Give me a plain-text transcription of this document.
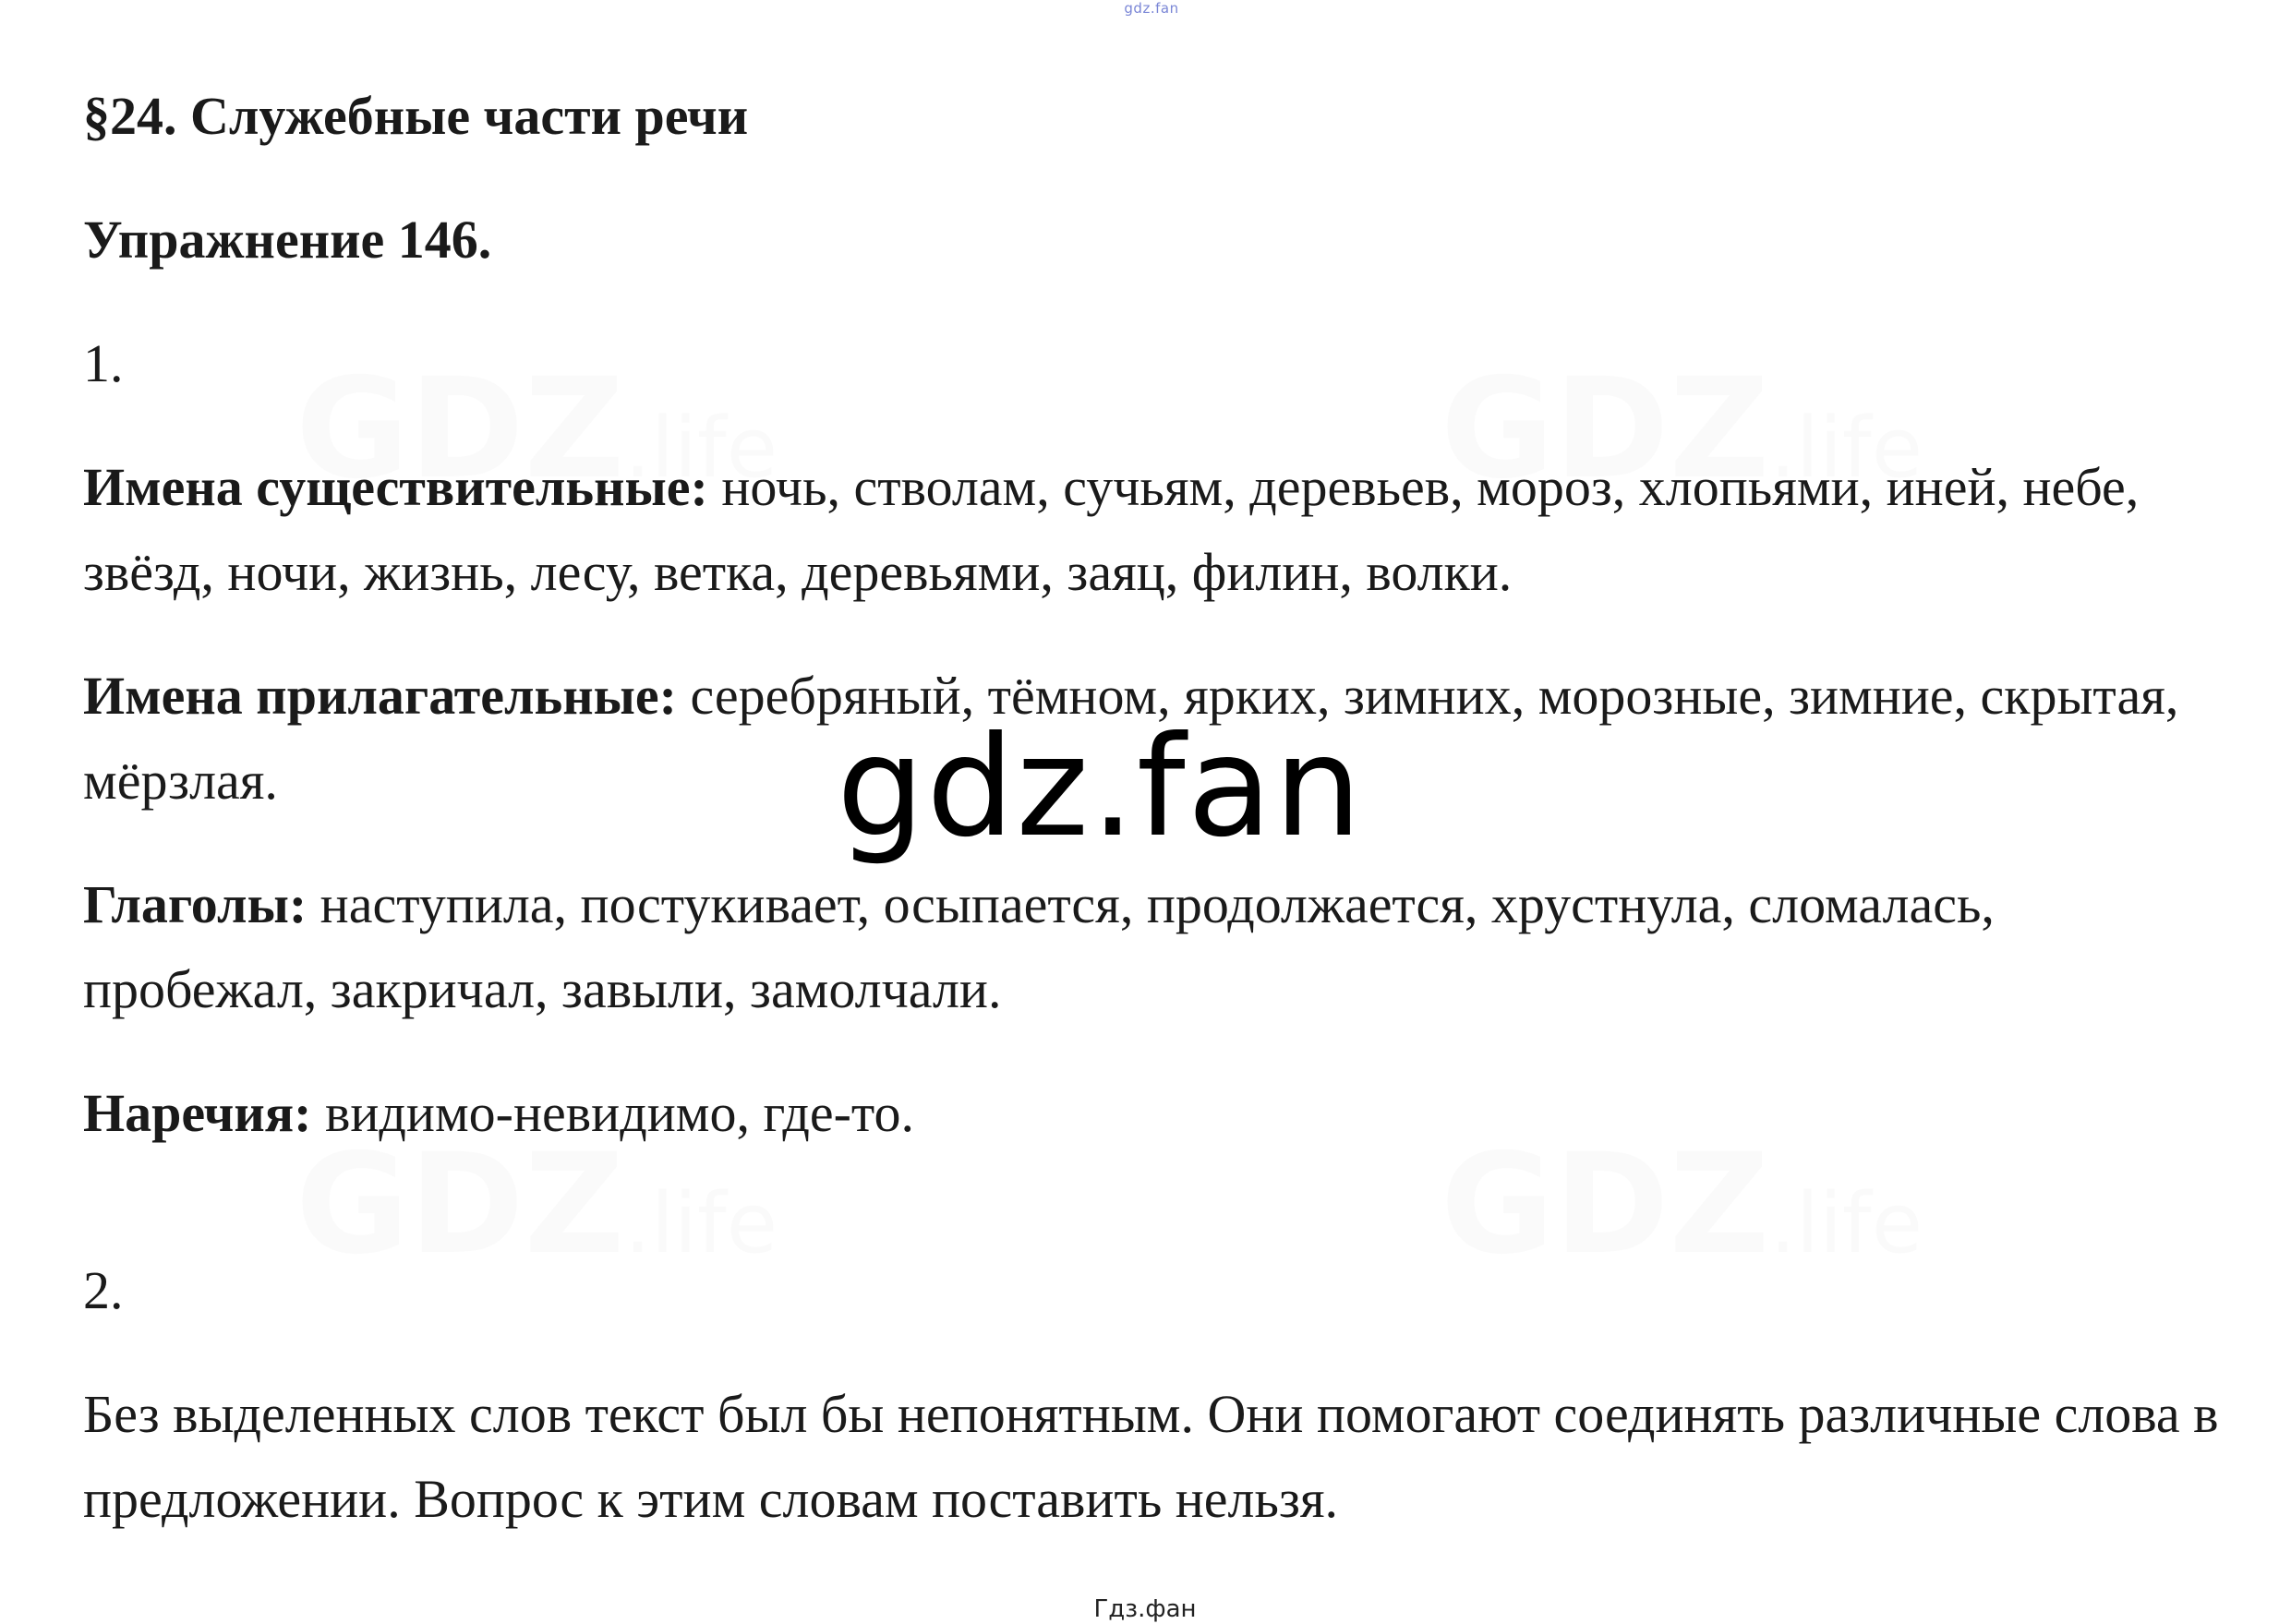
gdz.fan
§24. Служебные части речи
Упражнение 146.
1.
Имена существительные: ночь, стволам, сучьям, деревьев, мороз, хлопьями, иней, небе, звёзд, ночи, жизнь, лесу, ветка, деревьями, заяц, филин, волки.
Имена прилагательные: серебряный, тёмном, ярких, зимних, морозные, зимние, скрытая, мёрзлая.
Глаголы: наступила, постукивает, осыпается, продолжается, хрустнула, сломалась, пробежал, закричал, завыли, замолчали.
Наречия: видимо-невидимо, где-то.
2.
Без выделенных слов текст был бы непонятным. Они помогают соединять различные слова в предложении. Вопрос к этим словам поставить нельзя.
gdz.fan
Гдз.фан
